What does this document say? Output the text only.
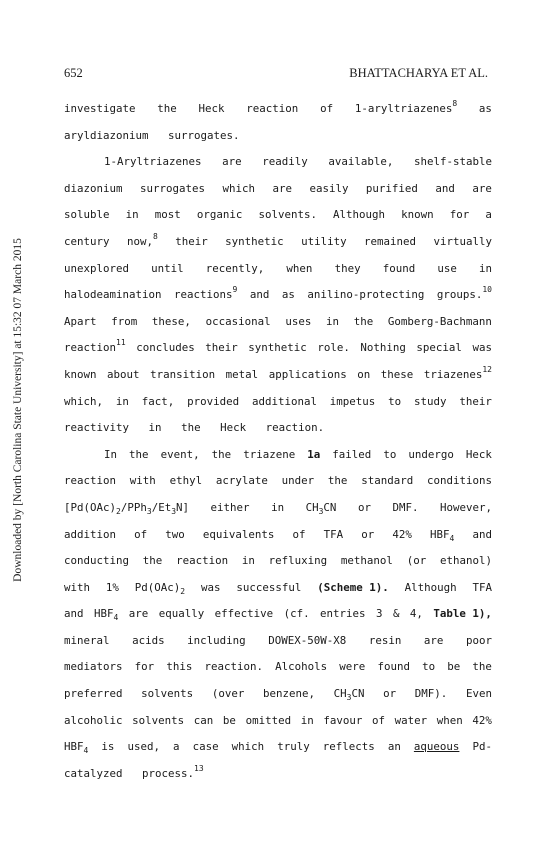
Downloaded by [North Carolina State University] at 15:32 07 March 2015
652	BHATTACHARYA ET AL.
investigate the Heck reaction of 1-aryltriazenes$^8$ as
aryldiazonium
surrogates.

1-Aryltriazenes are readily available, shelf-stable
diazonium surrogates which are easily purified and are
soluble in most organic solvents. Although known for a
century now,$^8$ their synthetic utility remained virtually
unexplored until recently, when they found use in
halodeamination reactions$^9$ and as anilino-protecting groups.$^{10}$
Apart from these, occasional uses in the Gomberg-Bachmann
reaction$^{11}$ concludes their synthetic role. Nothing special was
known about transition metal applications on these triazenes$^{12}$
which, in fact, provided additional impetus to study their
reactivity
in
the
Heck
reaction.

In the event, the triazene 1a failed to undergo Heck
reaction with ethyl acrylate under the standard conditions
$[Pd(OAc)_2/PPh_3/Et_3N]$ either in $CH_3CN$ or DMF. However,
addition of two equivalents of TFA or 42% $HBF_4$ and
conducting the reaction in refluxing methanol (or ethanol)
with 1% $Pd(OAc)_2$ was successful (Scheme 1). Although TFA
and $HBF_4$ are equally effective (cf. entries 3 & 4, Table 1),
mineral acids including DOWEX-50W-X8 resin are poor
mediators for this reaction. Alcohols were found to be the
preferred solvents (over benzene, $CH_3CN$ or DMF). Even
alcoholic solvents can be omitted in favour of water when 42%
$HBF_4$ is used, a case which truly reflects an aqueous Pd-
catalyzed
process.$^{13}$
